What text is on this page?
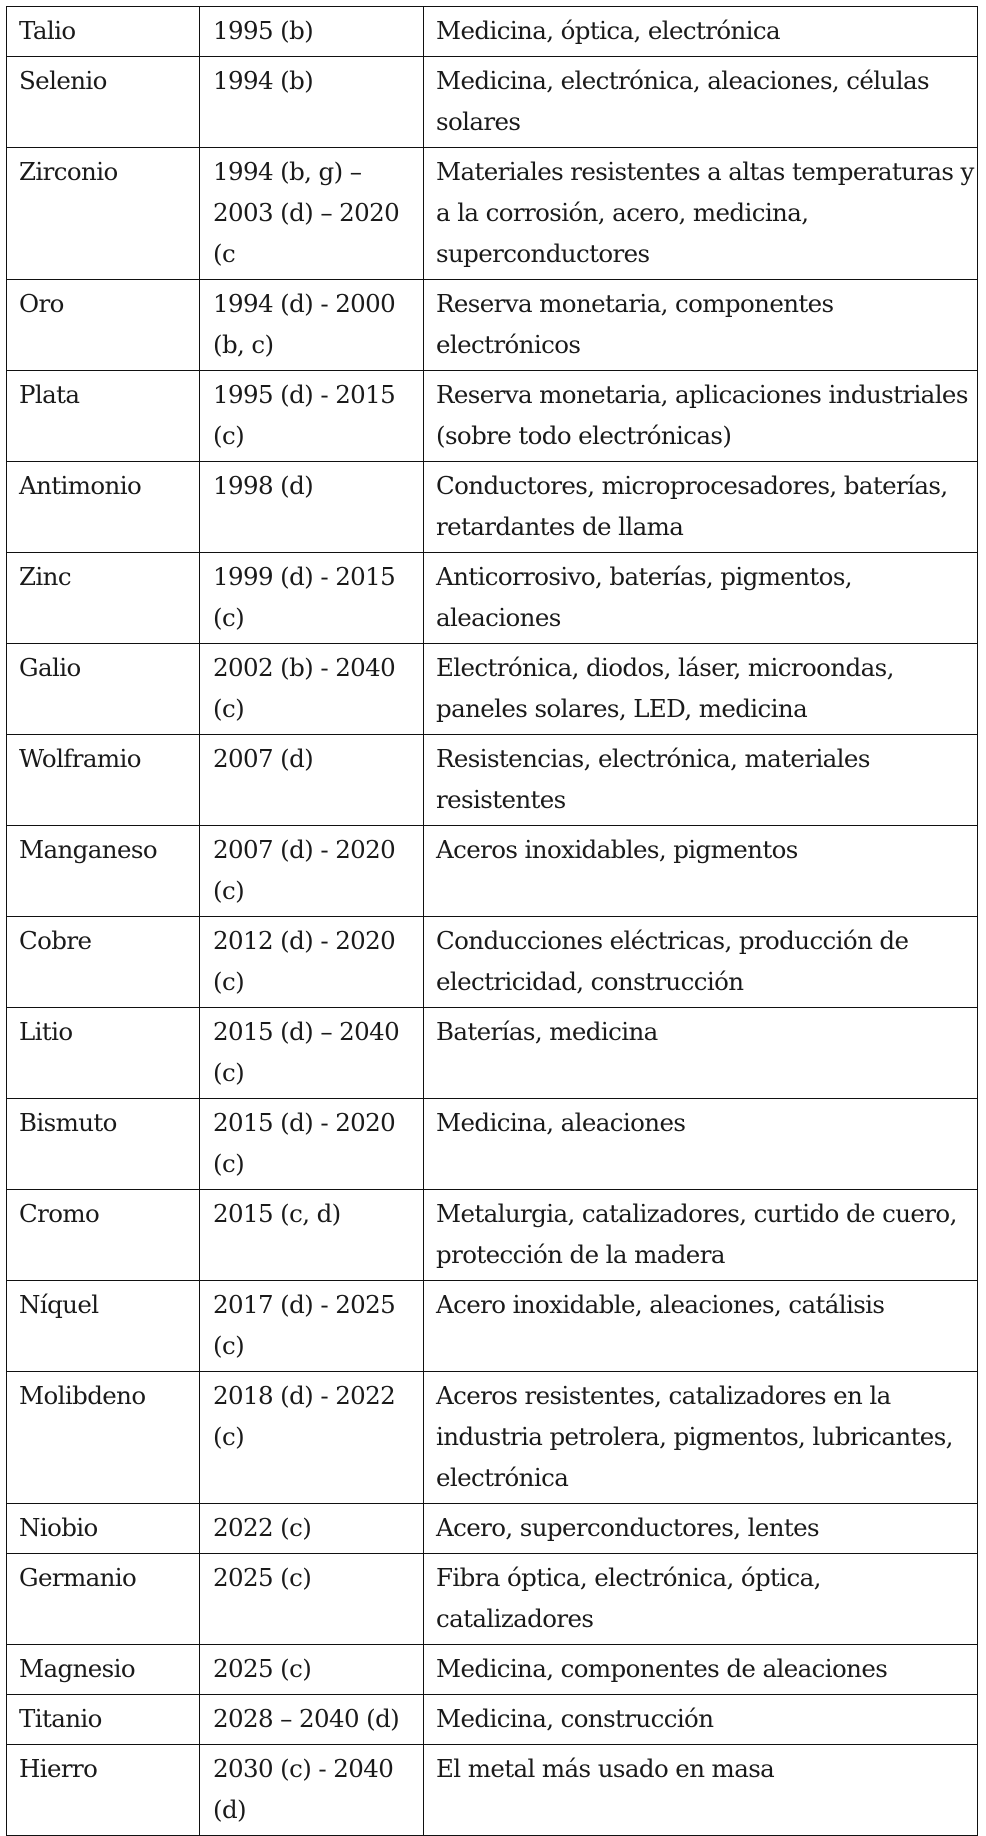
Talio	1995 (b)	Medicina, óptica, electrónica
Selenio	1994 (b)	Medicina, electrónica, aleaciones, células solares
Zirconio	1994 (b, g) – 2003 (d) – 2020 (c	Materiales resistentes a altas temperaturas y a la corrosión, acero, medicina, superconductores
Oro	1994 (d) - 2000 (b, c)	Reserva monetaria, componentes electrónicos
Plata	1995 (d) - 2015 (c)	Reserva monetaria, aplicaciones industriales (sobre todo electrónicas)
Antimonio	1998 (d)	Conductores, microprocesadores, baterías, retardantes de llama
Zinc	1999 (d) - 2015 (c)	Anticorrosivo, baterías, pigmentos, aleaciones
Galio	2002 (b) - 2040 (c)	Electrónica, diodos, láser, microondas, paneles solares, LED, medicina
Wolframio	2007 (d)	Resistencias, electrónica, materiales resistentes
Manganeso	2007 (d) - 2020 (c)	Aceros inoxidables, pigmentos
Cobre	2012 (d) - 2020 (c)	Conducciones eléctricas, producción de electricidad, construcción
Litio	2015 (d) – 2040 (c)	Baterías, medicina
Bismuto	2015 (d) - 2020 (c)	Medicina, aleaciones
Cromo	2015 (c, d)	Metalurgia, catalizadores, curtido de cuero, protección de la madera
Níquel	2017 (d) - 2025 (c)	Acero inoxidable, aleaciones, catálisis
Molibdeno	2018 (d) - 2022 (c)	Aceros resistentes, catalizadores en la industria petrolera, pigmentos, lubricantes, electrónica
Niobio	2022 (c)	Acero, superconductores, lentes
Germanio	2025 (c)	Fibra óptica, electrónica, óptica, catalizadores
Magnesio	2025 (c)	Medicina, componentes de aleaciones
Titanio	2028 – 2040 (d)	Medicina, construcción
Hierro	2030 (c) - 2040 (d)	El metal más usado en masa
